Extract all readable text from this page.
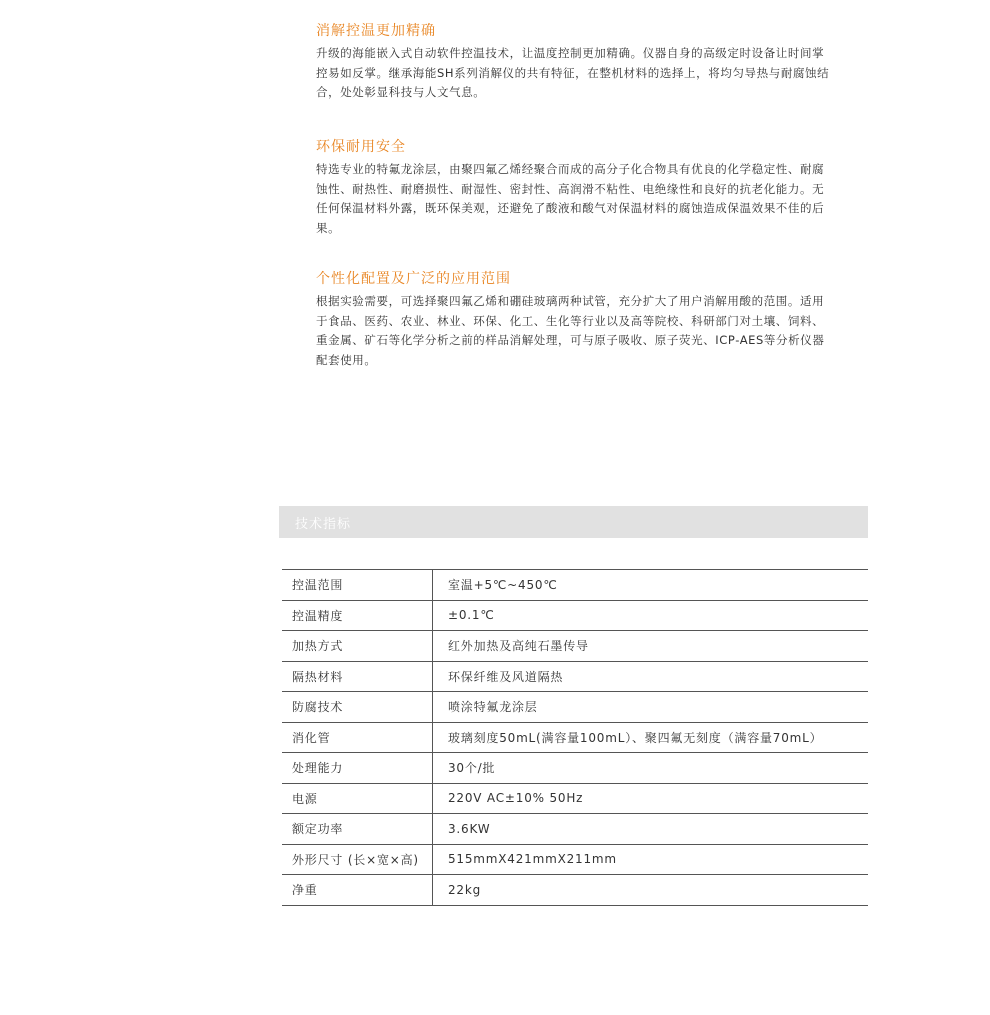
消解控温更加精确

升级的海能嵌入式自动软件控温技术，让温度控制更加精确。仪器自身的高级定时设备让时间掌控易如反掌。继承海能SH系列消解仪的共有特征，在整机材料的选择上，将均匀导热与耐腐蚀结合，处处彰显科技与人文气息。

环保耐用安全

特选专业的特氟龙涂层，由聚四氟乙烯经聚合而成的高分子化合物具有优良的化学稳定性、耐腐蚀性、耐热性、耐磨损性、耐湿性、密封性、高润滑不粘性、电绝缘性和良好的抗老化能力。无任何保温材料外露，既环保美观，还避免了酸液和酸气对保温材料的腐蚀造成保温效果不佳的后果。

个性化配置及广泛的应用范围

根据实验需要，可选择聚四氟乙烯和硼硅玻璃两种试管，充分扩大了用户消解用酸的范围。适用于食品、医药、农业、林业、环保、化工、生化等行业以及高等院校、科研部门对土壤、饲料、重金属、矿石等化学分析之前的样品消解处理，可与原子吸收、原子荧光、ICP-AES等分析仪器配套使用。

技术指标
控温范围	室温+5℃~450℃
控温精度	±0.1℃
加热方式	红外加热及高纯石墨传导
隔热材料	环保纤维及风道隔热
防腐技术	喷涂特氟龙涂层
消化管	玻璃刻度50mL(满容量100mL）、聚四氟无刻度（满容量70mL）
处理能力	30个/批
电源	220V AC±10% 50Hz
额定功率	3.6KW
外形尺寸 (长×宽×高)	515mmX421mmX211mm
净重	22kg
